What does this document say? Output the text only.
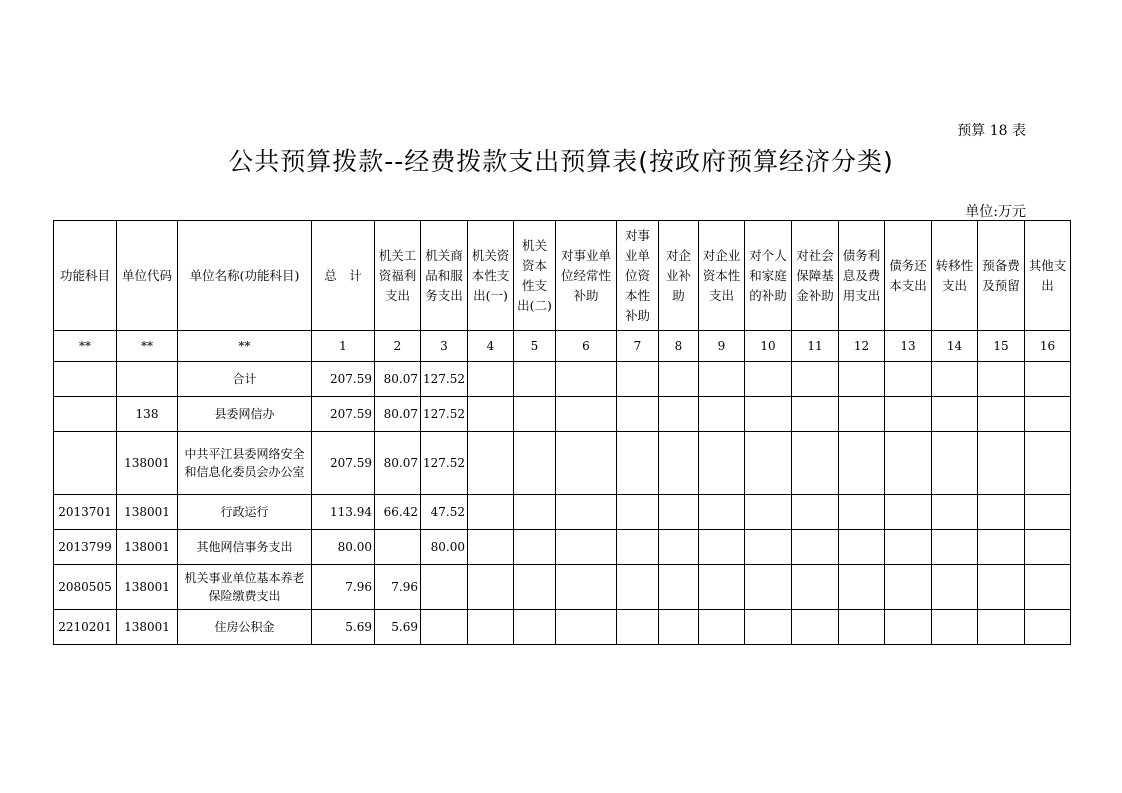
预算 18 表
公共预算拨款--经费拨款支出预算表(按政府预算经济分类)
单位:万元
功能科目	单位代码	单位名称(功能科目)	总　计	机关工资福利支出	机关商品和服务支出	机关资本性支出(一)	机关资本性支出(二)	对事业单位经常性补助	对事业单位资本性补助	对企业补助	对企业资本性支出	对个人和家庭的补助	对社会保障基金补助	债务利息及费用支出	债务还本支出	转移性支出	预备费及预留	其他支出
**	**	**	1	2	3	4	5	6	7	8	9	10	11	12	13	14	15	16
		合计	207.59	80.07	127.52													
	138	县委网信办	207.59	80.07	127.52													
	138001	中共平江县委网络安全和信息化委员会办公室	207.59	80.07	127.52													
2013701	138001	行政运行	113.94	66.42	47.52													
2013799	138001	其他网信事务支出	80.00		80.00													
2080505	138001	机关事业单位基本养老保险缴费支出	7.96	7.96														
2210201	138001	住房公积金	5.69	5.69														
